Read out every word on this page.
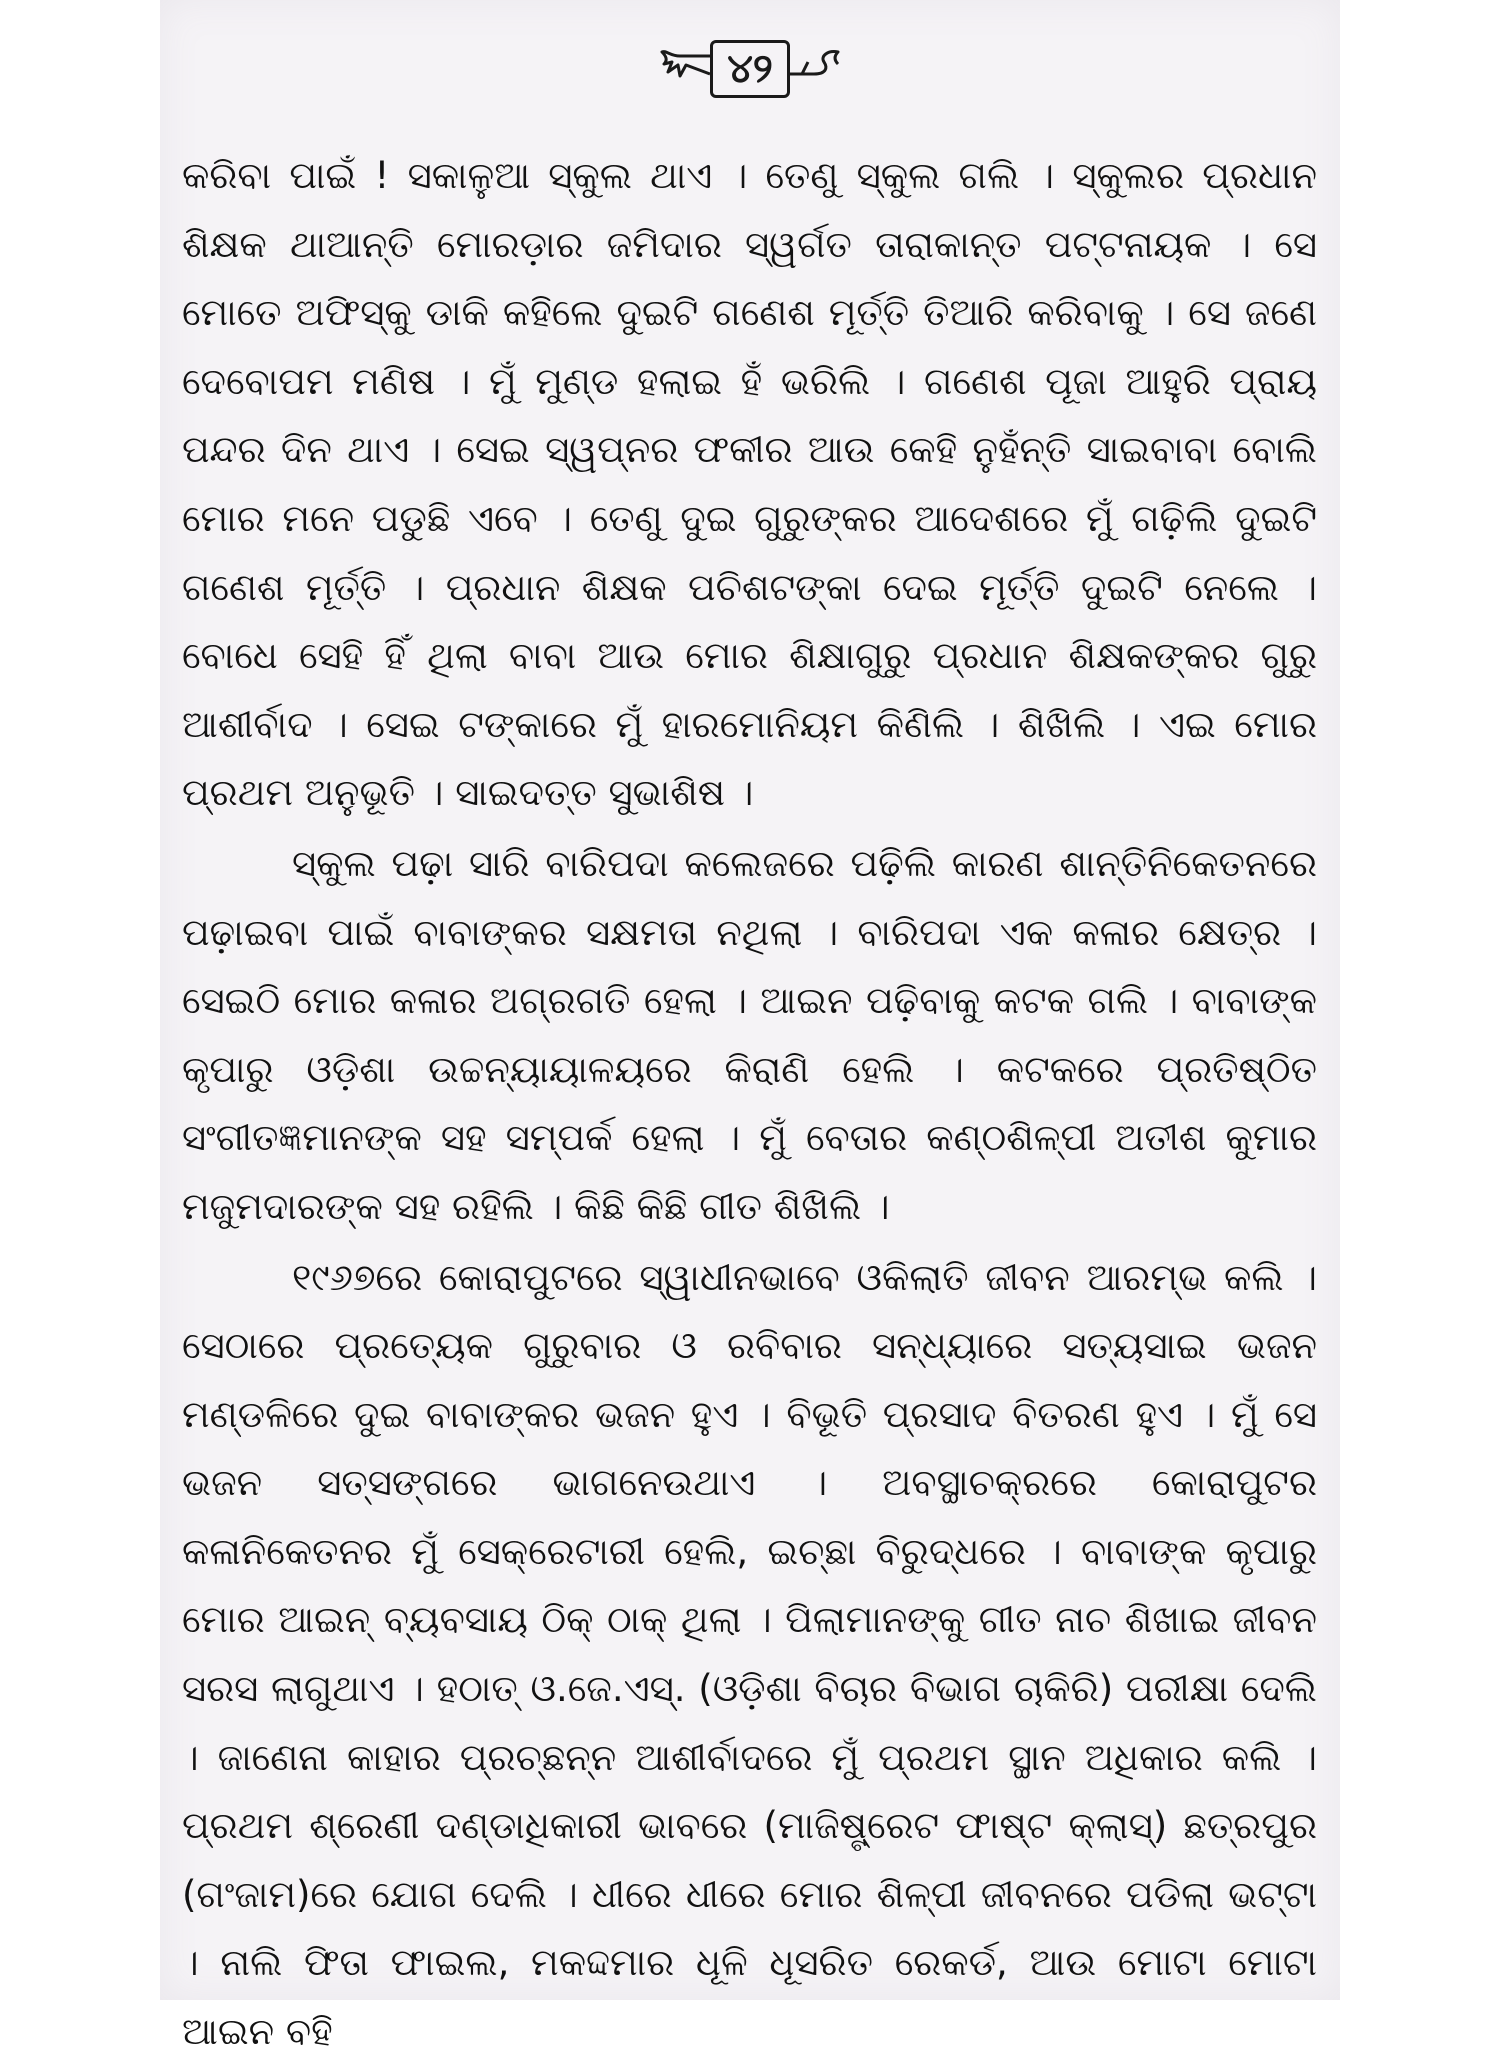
୪୨

କରିବା ପାଇଁ ! ସକାଳୁଆ ସ୍କୁଲ ଥାଏ । ତେଣୁ ସ୍କୁଲ ଗଲି । ସ୍କୁଲର ପ୍ରଧାନ ଶିକ୍ଷକ ଥାଆନ୍ତି ମୋରଡ଼ାର ଜମିଦାର ସ୍ୱର୍ଗତ ତାରାକାନ୍ତ ପଟ୍ଟନାୟକ । ସେ ମୋତେ ଅଫିସ୍‌କୁ ଡାକି କହିଲେ ଦୁଇଟି ଗଣେଶ ମୂର୍ତ୍ତି ତିଆରି କରିବାକୁ । ସେ ଜଣେ ଦେବୋପମ ମଣିଷ । ମୁଁ ମୁଣ୍ଡ ହଲାଇ ହଁ ଭରିଲି । ଗଣେଶ ପୂଜା ଆହୁରି ପ୍ରାୟ ପନ୍ଦର ଦିନ ଥାଏ । ସେଇ ସ୍ୱପ୍ନର ଫକୀର ଆଉ କେହି ନୁହଁନ୍ତି ସାଇବାବା ବୋଲି ମୋର ମନେ ପଡୁଛି ଏବେ । ତେଣୁ ଦୁଇ ଗୁରୁଙ୍କର ଆଦେଶରେ ମୁଁ ଗଢ଼ିଲି ଦୁଇଟି ଗଣେଶ ମୂର୍ତ୍ତି । ପ୍ରଧାନ ଶିକ୍ଷକ ପଚିଶଟଙ୍କା ଦେଇ ମୂର୍ତ୍ତି ଦୁଇଟି ନେଲେ । ବୋଧେ ସେହି ହିଁ ଥିଲା ବାବା ଆଉ ମୋର ଶିକ୍ଷାଗୁରୁ ପ୍ରଧାନ ଶିକ୍ଷକଙ୍କର ଗୁରୁ ଆଶୀର୍ବାଦ । ସେଇ ଟଙ୍କାରେ ମୁଁ ହାରମୋନିୟମ କିଣିଲି । ଶିଖିଲି । ଏଇ ମୋର ପ୍ରଥମ ଅନୁଭୂତି । ସାଇଦତ୍ତ ସୁଭାଶିଷ ।

ସ୍କୁଲ ପଢ଼ା ସାରି ବାରିପଦା କଲେଜରେ ପଢ଼ିଲି କାରଣ ଶାନ୍ତିନିକେତନରେ ପଢ଼ାଇବା ପାଇଁ ବାବାଙ୍କର ସକ୍ଷମତା ନଥିଲା । ବାରିପଦା ଏକ କଳାର କ୍ଷେତ୍ର । ସେଇଠି ମୋର କଳାର ଅଗ୍ରଗତି ହେଲା । ଆଇନ ପଢ଼ିବାକୁ କଟକ ଗଲି । ବାବାଙ୍କ କୃପାରୁ ଓଡ଼ିଶା ଉଚ୍ଚନ୍ୟାୟାଳୟରେ କିରାଣି ହେଲି । କଟକରେ ପ୍ରତିଷ୍ଠିତ ସଂଗୀତଜ୍ଞମାନଙ୍କ ସହ ସମ୍ପର୍କ ହେଲା । ମୁଁ ବେତାର କଣ୍ଠଶିଳ୍ପୀ ଅତୀଶ କୁମାର ମଜୁମଦାରଙ୍କ ସହ ରହିଲି । କିଛି କିଛି ଗୀତ ଶିଖିଲି ।

୧୯୬୭ରେ କୋରାପୁଟରେ ସ୍ୱାଧୀନଭାବେ ଓକିଲାତି ଜୀବନ ଆରମ୍ଭ କଲି । ସେଠାରେ ପ୍ରତ୍ୟେକ ଗୁରୁବାର ଓ ରବିବାର ସନ୍ଧ୍ୟାରେ ସତ୍ୟସାଇ ଭଜନ ମଣ୍ଡଳିରେ ଦୁଇ ବାବାଙ୍କର ଭଜନ ହୁଏ । ବିଭୂତି ପ୍ରସାଦ ବିତରଣ ହୁଏ । ମୁଁ ସେ ଭଜନ ସତ୍‌ସଙ୍ଗରେ ଭାଗନେଉଥାଏ । ଅବସ୍ଥାଚକ୍ରରେ କୋରାପୁଟର କଳାନିକେତନର ମୁଁ ସେକ୍ରେଟାରୀ ହେଲି, ଇଚ୍ଛା ବିରୁଦ୍ଧରେ । ବାବାଙ୍କ କୃପାରୁ ମୋର ଆଇନ୍ ବ୍ୟବସାୟ ଠିକ୍ ଠାକ୍ ଥିଲା । ପିଲାମାନଙ୍କୁ ଗୀତ ନାଚ ଶିଖାଇ ଜୀବନ ସରସ ଲାଗୁଥାଏ । ହଠାତ୍ ଓ.ଜେ.ଏସ୍. (ଓଡ଼ିଶା ବିଚାର ବିଭାଗ ଚାକିରି) ପରୀକ୍ଷା ଦେଲି । ଜାଣେନା କାହାର ପ୍ରଚ୍ଛନ୍ନ ଆଶୀର୍ବାଦରେ ମୁଁ ପ୍ରଥମ ସ୍ଥାନ ଅଧିକାର କଲି । ପ୍ରଥମ ଶ୍ରେଣୀ ଦଣ୍ଡାଧିକାରୀ ଭାବରେ (ମାଜିଷ୍ଟ୍ରେଟ ଫାଷ୍ଟ କ୍ଲାସ୍) ଛତ୍ରପୁର (ଗଂଜାମ)ରେ ଯୋଗ ଦେଲି । ଧୀରେ ଧୀରେ ମୋର ଶିଳ୍ପୀ ଜୀବନରେ ପଡିଲା ଭଟ୍ଟା । ନାଲି ଫିତା ଫାଇଲ, ମକଦ୍ଦମାର ଧୂଳି ଧୂସରିତ ରେକର୍ଡ, ଆଉ ମୋଟା ମୋଟା ଆଇନ ବହି
